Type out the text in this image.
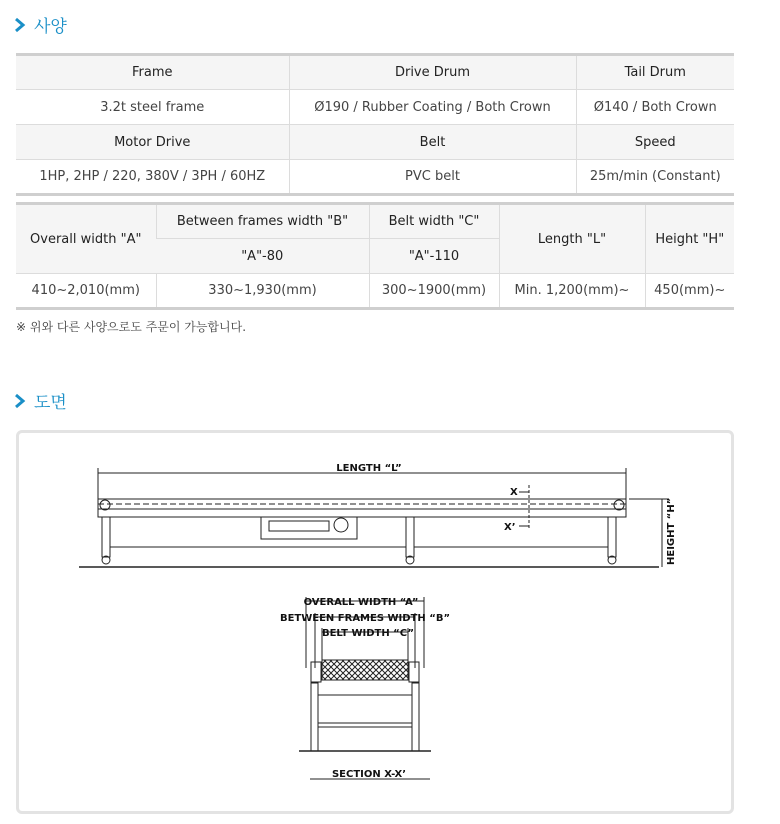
사양
Frame	Drive Drum	Tail Drum
3.2t steel frame	Ø190 / Rubber Coating / Both Crown	Ø140 / Both Crown
Motor Drive	Belt	Speed
1HP, 2HP / 220, 380V / 3PH / 60HZ	PVC belt	25m/min (Constant)
Overall width "A"	Between frames width "B"	Belt width "C"	Length "L"	Height "H"
	"A"-80	"A"-110		
410~2,010(mm)	330~1,930(mm)	300~1900(mm)	Min. 1,200(mm)~	450(mm)~
※ 위와 다른 사양으로도 주문이 가능합니다.
도면
LENGTH “L”
X
X’	HEIGHT “H”
OVERALL WIDTH “A”
BETWEEN FRAMES WIDTH “B”
BELT WIDTH “C”
SECTION X-X’
